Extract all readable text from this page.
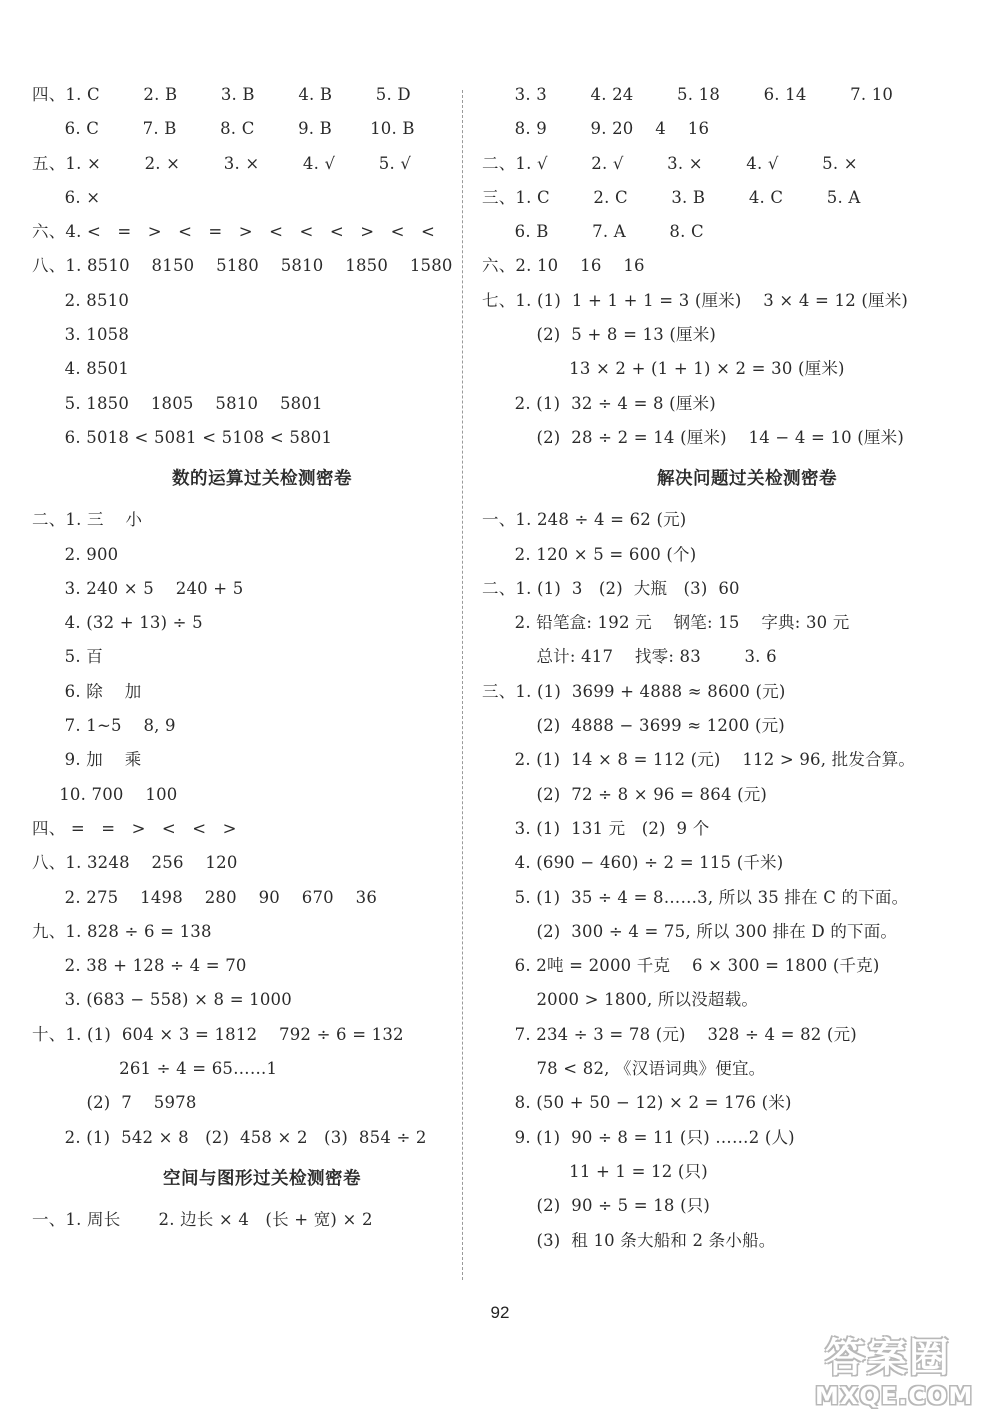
四、1. C        2. B        3. B        4. B        5. D
6. C        7. B        8. C        9. B       10. B
五、1. ×        2. ×        3. ×        4. √        5. √
6. ×
六、4. <   =   >   <   =   >   <   <   <   >   <   <
八、1. 8510    8150    5180    5810    1850    1580
2. 8510
3. 1058
4. 8501
5. 1850    1805    5810    5801
6. 5018 < 5081 < 5108 < 5801
数的运算过关检测密卷
二、1. 三    小
2. 900
3. 240 × 5    240 + 5
4. (32 + 13) ÷ 5
5. 百
6. 除    加
7. 1~5    8, 9
9. 加    乘
10. 700    100
四、 =   =   >   <   <   >
八、1. 3248    256    120
2. 275    1498    280    90    670    36
九、1. 828 ÷ 6 = 138
2. 38 + 128 ÷ 4 = 70
3. (683 − 558) × 8 = 1000
十、1. (1)  604 × 3 = 1812    792 ÷ 6 = 132
261 ÷ 4 = 65……1
(2)  7    5978
2. (1)  542 × 8   (2)  458 × 2   (3)  854 ÷ 2
空间与图形过关检测密卷
一、1. 周长       2. 边长 × 4   (长 + 宽) × 2
3. 3        4. 24        5. 18        6. 14        7. 10
8. 9        9. 20    4    16
二、1. √        2. √        3. ×        4. √        5. ×
三、1. C        2. C        3. B        4. C        5. A
6. B        7. A        8. C
六、2. 10    16    16
七、1. (1)  1 + 1 + 1 = 3 (厘米)    3 × 4 = 12 (厘米)
(2)  5 + 8 = 13 (厘米)
13 × 2 + (1 + 1) × 2 = 30 (厘米)
2. (1)  32 ÷ 4 = 8 (厘米)
(2)  28 ÷ 2 = 14 (厘米)    14 − 4 = 10 (厘米)
解决问题过关检测密卷
一、1. 248 ÷ 4 = 62 (元)
2. 120 × 5 = 600 (个)
二、1. (1)  3   (2)  大瓶   (3)  60
2. 铅笔盒: 192 元    钢笔: 15    字典: 30 元
总计: 417    找零: 83        3. 6
三、1. (1)  3699 + 4888 ≈ 8600 (元)
(2)  4888 − 3699 ≈ 1200 (元)
2. (1)  14 × 8 = 112 (元)    112 > 96, 批发合算。
(2)  72 ÷ 8 × 96 = 864 (元)
3. (1)  131 元   (2)  9 个
4. (690 − 460) ÷ 2 = 115 (千米)
5. (1)  35 ÷ 4 = 8……3, 所以 35 排在 C 的下面。
(2)  300 ÷ 4 = 75, 所以 300 排在 D 的下面。
6. 2吨 = 2000 千克    6 × 300 = 1800 (千克)
2000 > 1800, 所以没超载。
7. 234 ÷ 3 = 78 (元)    328 ÷ 4 = 82 (元)
78 < 82, 《汉语词典》便宜。
8. (50 + 50 − 12) × 2 = 176 (米)
9. (1)  90 ÷ 8 = 11 (只) ……2 (人)
11 + 1 = 12 (只)
(2)  90 ÷ 5 = 18 (只)
(3)  租 10 条大船和 2 条小船。
92
答案圈
MXQE.COM
